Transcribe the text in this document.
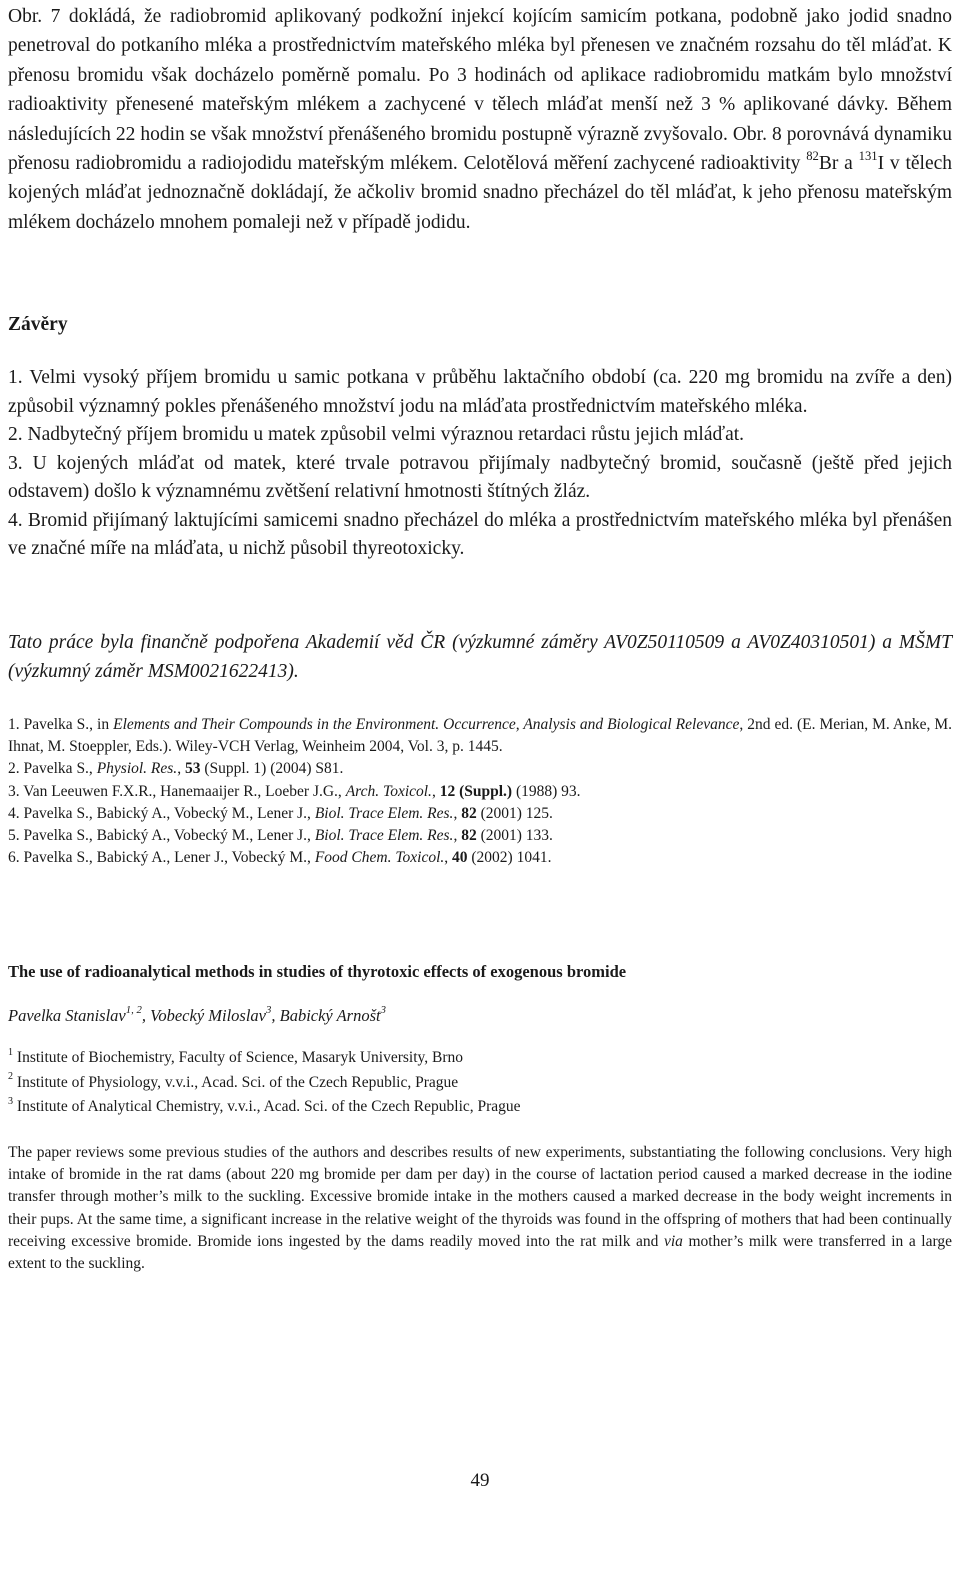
Obr. 7 dokládá, že radiobromid aplikovaný podkožní injekcí kojícím samicím potkana, podobně jako jodid snadno penetroval do potkaního mléka a prostřednictvím mateřského mléka byl přenesen ve značném rozsahu do těl mláďat. K přenosu bromidu však docházelo poměrně pomalu. Po 3 hodinách od aplikace radiobromidu matkám bylo množství radioaktivity přenesené mateřským mlékem a zachycené v tělech mláďat menší než 3 % aplikované dávky. Během následujících 22 hodin se však množství přenášeného bromidu postupně výrazně zvyšovalo. Obr. 8 porovnává dynamiku přenosu radiobromidu a radiojodidu mateřským mlékem. Celotělová měření zachycené radioaktivity $^{82}$Br a $^{131}$I v tělech kojených mláďat jednoznačně dokládají, že ačkoliv bromid snadno přecházel do těl mláďat, k jeho přenosu mateřským mlékem docházelo mnohem pomaleji než v případě jodidu.
Závěry
1. Velmi vysoký příjem bromidu u samic potkana v průběhu laktačního období (ca. 220 mg bromidu na zvíře a den) způsobil významný pokles přenášeného množství jodu na mláďata prostřednictvím mateřského mléka.
2. Nadbytečný příjem bromidu u matek způsobil velmi výraznou retardaci růstu jejich mláďat.
3. U kojených mláďat od matek, které trvale potravou přijímaly nadbytečný bromid, současně (ještě před jejich odstavem) došlo k významnému zvětšení relativní hmotnosti štítných žláz.
4. Bromid přijímaný laktujícími samicemi snadno přecházel do mléka a prostřednictvím mateřského mléka byl přenášen ve značné míře na mláďata, u nichž působil thyreotoxicky.
Tato práce byla finančně podpořena Akademií věd ČR (výzkumné záměry AV0Z50110509 a AV0Z40310501) a MŠMT (výzkumný záměr MSM0021622413).
1. Pavelka S., in Elements and Their Compounds in the Environment. Occurrence, Analysis and Biological Relevance, 2nd ed. (E. Merian, M. Anke, M. Ihnat, M. Stoeppler, Eds.). Wiley-VCH Verlag, Weinheim 2004, Vol. 3, p. 1445.
2. Pavelka S., Physiol. Res., 53 (Suppl. 1) (2004) S81.
3. Van Leeuwen F.X.R., Hanemaaijer R., Loeber J.G., Arch. Toxicol., 12 (Suppl.) (1988) 93.
4. Pavelka S., Babický A., Vobecký M., Lener J., Biol. Trace Elem. Res., 82 (2001) 125.
5. Pavelka S., Babický A., Vobecký M., Lener J., Biol. Trace Elem. Res., 82 (2001) 133.
6. Pavelka S., Babický A., Lener J., Vobecký M., Food Chem. Toxicol., 40 (2002) 1041.
The use of radioanalytical methods in studies of thyrotoxic effects of exogenous bromide
Pavelka Stanislav$^{1, 2}$, Vobecký Miloslav$^3$, Babický Arnošt$^3$
$^1$ Institute of Biochemistry, Faculty of Science, Masaryk University, Brno
$^2$ Institute of Physiology, v.v.i., Acad. Sci. of the Czech Republic, Prague
$^3$ Institute of Analytical Chemistry, v.v.i., Acad. Sci. of the Czech Republic, Prague
The paper reviews some previous studies of the authors and describes results of new experiments, substantiating the following conclusions. Very high intake of bromide in the rat dams (about 220 mg bromide per dam per day) in the course of lactation period caused a marked decrease in the iodine transfer through mother’s milk to the suckling. Excessive bromide intake in the mothers caused a marked decrease in the body weight increments in their pups. At the same time, a significant increase in the relative weight of the thyroids was found in the offspring of mothers that had been continually receiving excessive bromide. Bromide ions ingested by the dams readily moved into the rat milk and via mother’s milk were transferred in a large extent to the suckling.
49
